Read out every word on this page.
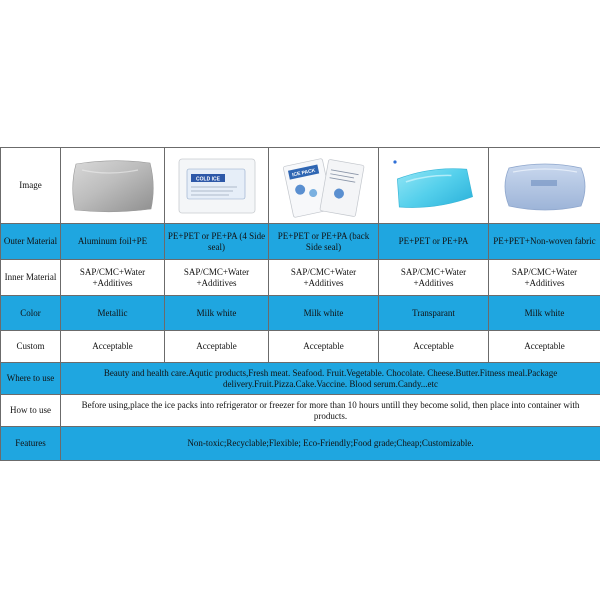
Image		COLD ICE	ICE PACK

Outer Material	Aluminum foil+PE	PE+PET or PE+PA (4 Side seal)	PE+PET or PE+PA (back Side seal)	PE+PET or PE+PA	PE+PET+Non-woven fabric
Inner Material	SAP/CMC+Water +Additives	SAP/CMC+Water +Additives	SAP/CMC+Water +Additives	SAP/CMC+Water +Additives	SAP/CMC+Water +Additives
Color	Metallic	Milk white	Milk white	Transparant	Milk white
Custom	Acceptable	Acceptable	Acceptable	Acceptable	Acceptable
Where to use	Beauty and health care.Aqutic products,Fresh meat. Seafood. Fruit.Vegetable. Chocolate. Cheese.Butter.Fitness meal.Package delivery.Fruit.Pizza.Cake.Vaccine. Blood serum.Candy...etc				
How to use	Before using,place the ice packs into refrigerator or freezer for more than 10 hours untill they become solid, then place into container with products.				
Features	Non-toxic;Recyclable;Flexible; Eco-Friendly;Food grade;Cheap;Customizable.				
